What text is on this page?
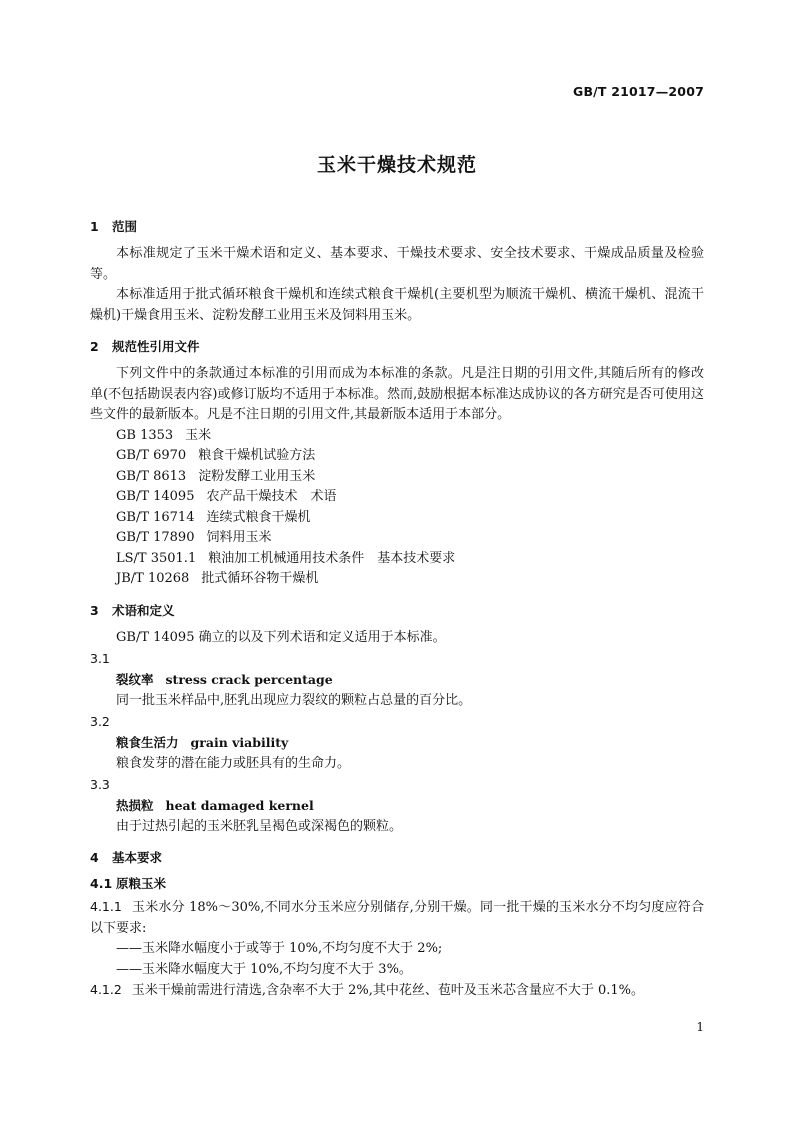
GB/T 21017—2007
玉米干燥技术规范
1 范围
本标准规定了玉米干燥术语和定义、基本要求、干燥技术要求、安全技术要求、干燥成品质量及检验等。
本标准适用于批式循环粮食干燥机和连续式粮食干燥机(主要机型为顺流干燥机、横流干燥机、混流干燥机)干燥食用玉米、淀粉发酵工业用玉米及饲料用玉米。
2 规范性引用文件
下列文件中的条款通过本标准的引用而成为本标准的条款。凡是注日期的引用文件,其随后所有的修改单(不包括勘误表内容)或修订版均不适用于本标准。然而,鼓励根据本标准达成协议的各方研究是否可使用这些文件的最新版本。凡是不注日期的引用文件,其最新版本适用于本部分。
GB 1353 玉米
GB/T 6970 粮食干燥机试验方法
GB/T 8613 淀粉发酵工业用玉米
GB/T 14095 农产品干燥技术　术语
GB/T 16714 连续式粮食干燥机
GB/T 17890 饲料用玉米
LS/T 3501.1 粮油加工机械通用技术条件　基本技术要求
JB/T 10268 批式循环谷物干燥机
3 术语和定义
GB/T 14095 确立的以及下列术语和定义适用于本标准。
3.1
裂纹率 stress crack percentage
同一批玉米样品中,胚乳出现应力裂纹的颗粒占总量的百分比。
3.2
粮食生活力 grain viability
粮食发芽的潜在能力或胚具有的生命力。
3.3
热损粒 heat damaged kernel
由于过热引起的玉米胚乳呈褐色或深褐色的颗粒。
4 基本要求
4.1 原粮玉米
4.1.1 玉米水分 18%～30%,不同水分玉米应分别储存,分别干燥。同一批干燥的玉米水分不均匀度应符合以下要求:
——玉米降水幅度小于或等于 10%,不均匀度不大于 2%;
——玉米降水幅度大于 10%,不均匀度不大于 3%。
4.1.2 玉米干燥前需进行清选,含杂率不大于 2%,其中花丝、苞叶及玉米芯含量应不大于 0.1%。
1
